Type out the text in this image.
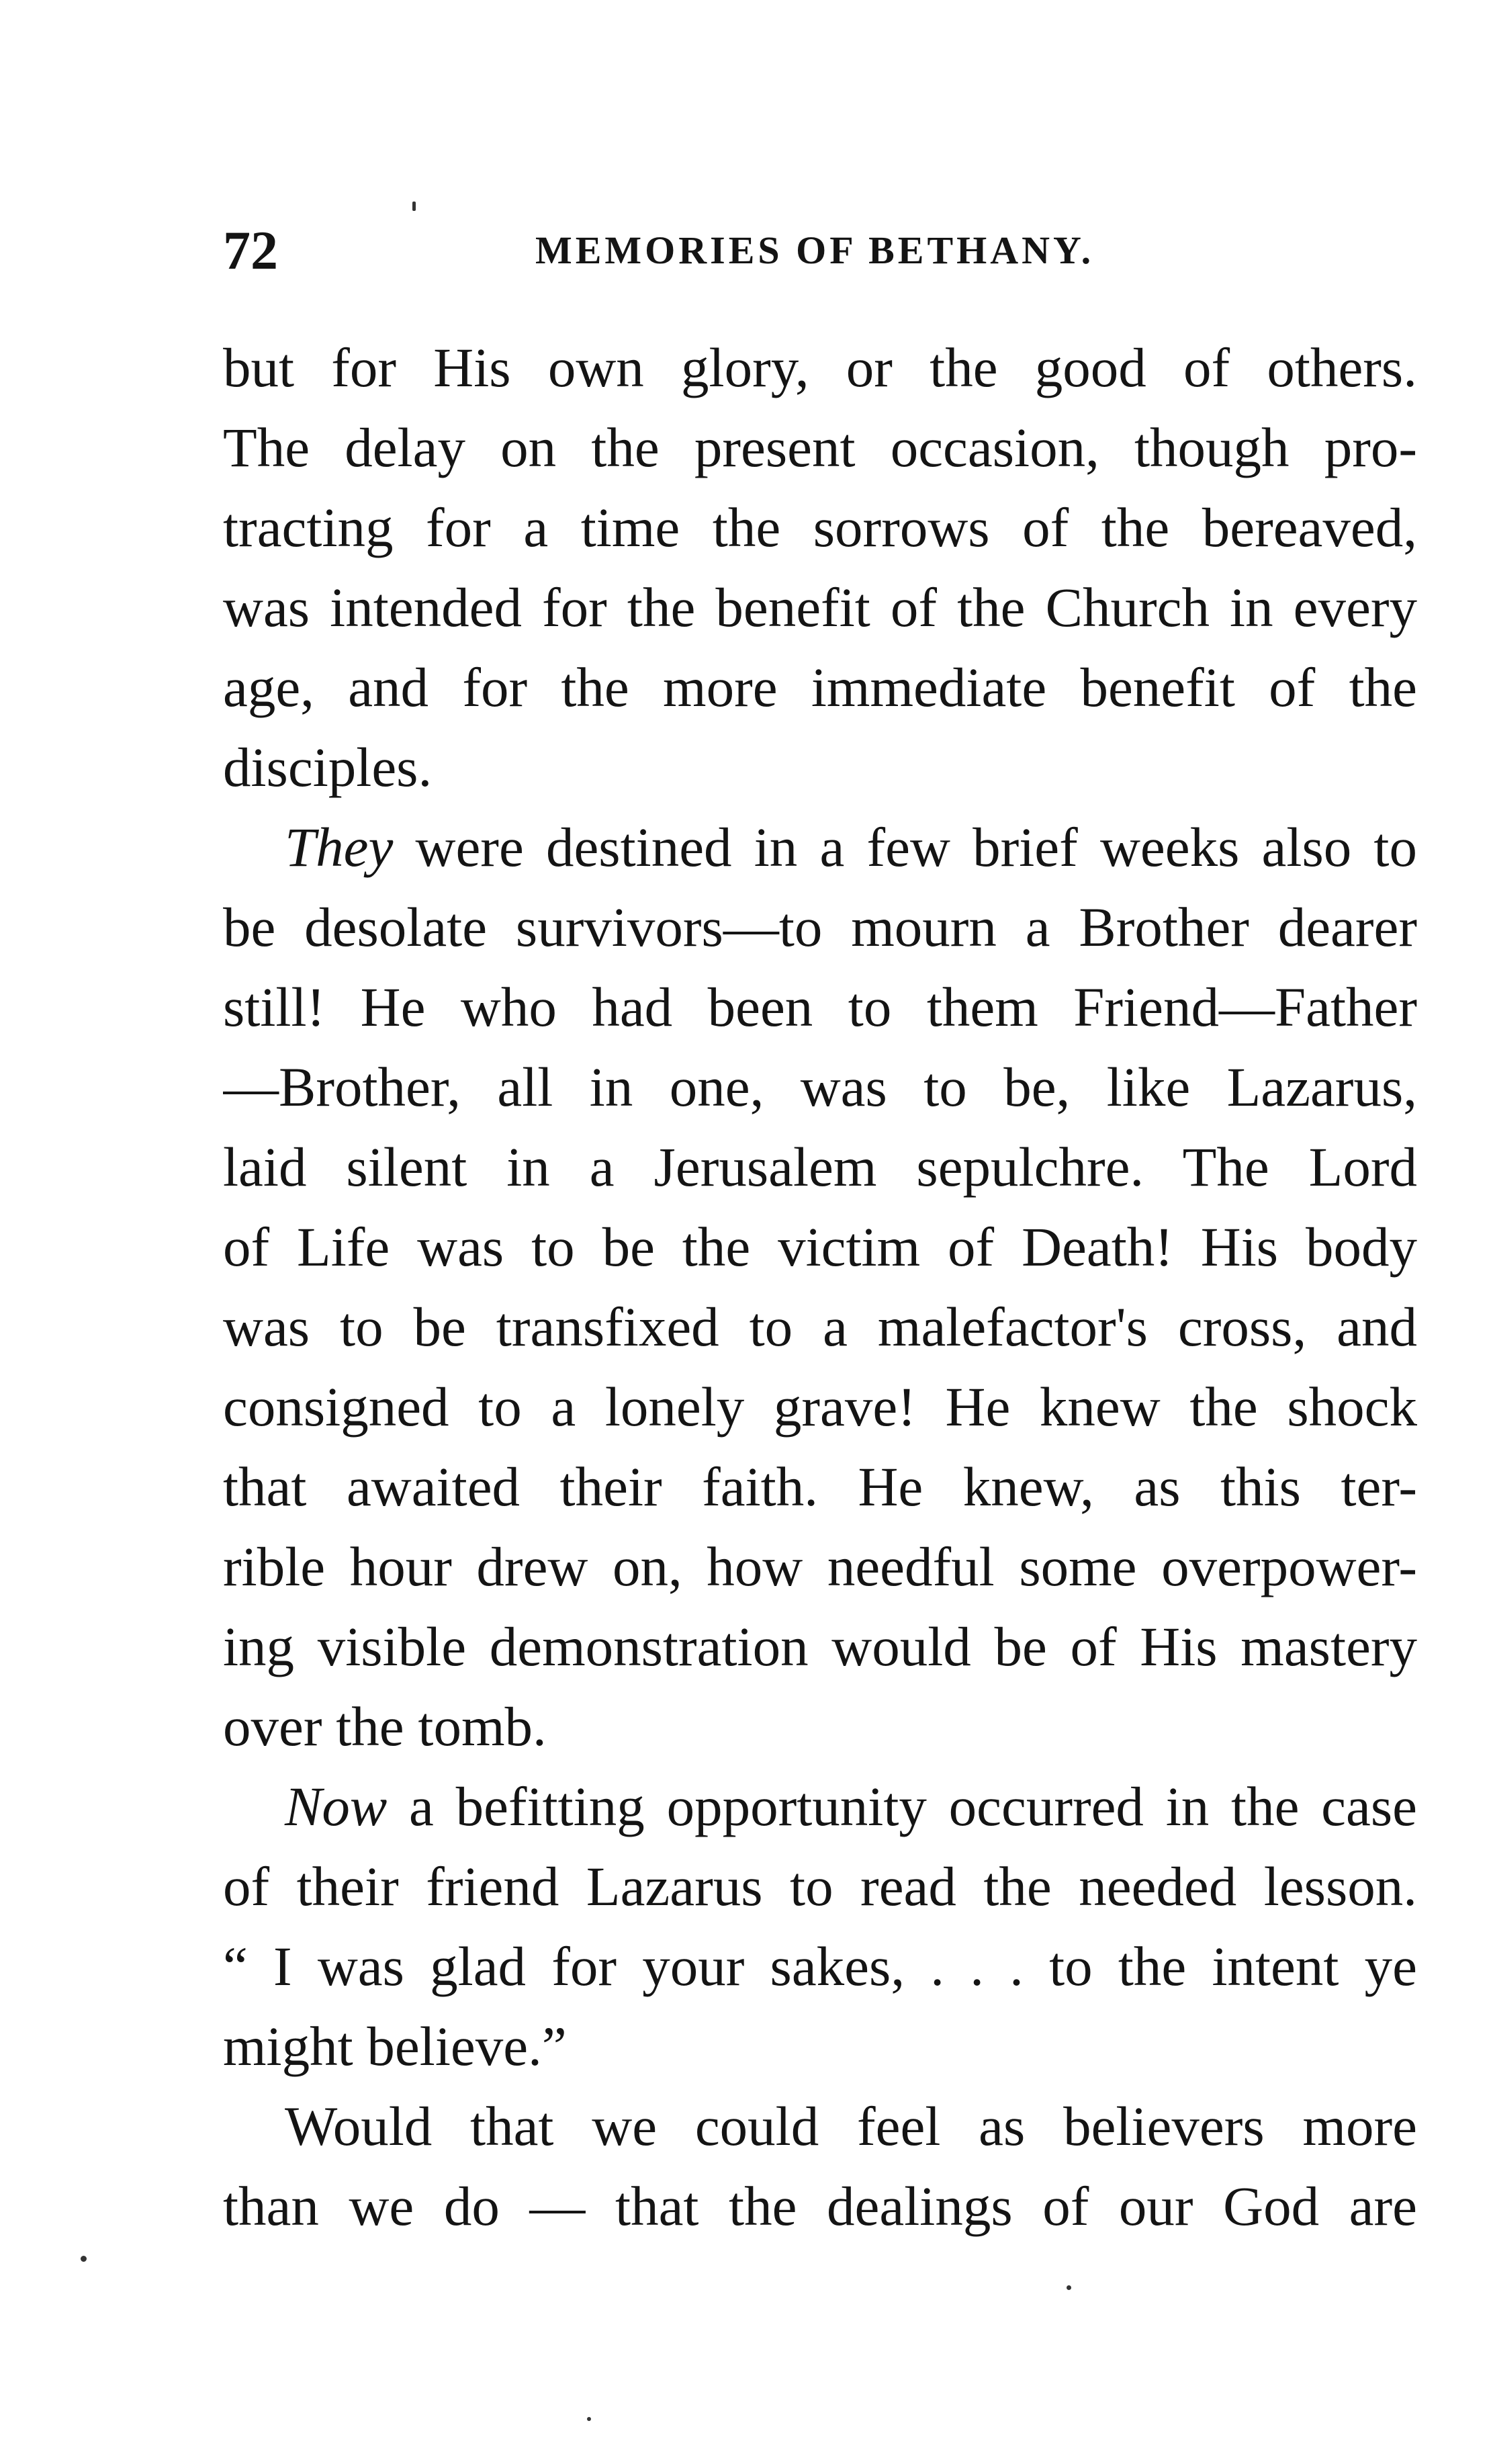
72	MEMORIES OF BETHANY.
but for His own glory, or the good of others.
The delay on the present occasion, though pro-
tracting for a time the sorrows of the bereaved,
was intended for the benefit of the Church in every
age, and for the more immediate benefit of the
disciples.
They were destined in a few brief weeks also to
be desolate survivors—to mourn a Brother dearer
still! He who had been to them Friend—Father
—Brother, all in one, was to be, like Lazarus,
laid silent in a Jerusalem sepulchre. The Lord
of Life was to be the victim of Death! His body
was to be transfixed to a malefactor's cross, and
consigned to a lonely grave! He knew the shock
that awaited their faith. He knew, as this ter-
rible hour drew on, how needful some overpower-
ing visible demonstration would be of His mastery
over the tomb.
Now a befitting opportunity occurred in the case
of their friend Lazarus to read the needed lesson.
“ I was glad for your sakes, . . . to the intent ye
might believe.”
Would that we could feel as believers more
than we do — that the dealings of our God are
